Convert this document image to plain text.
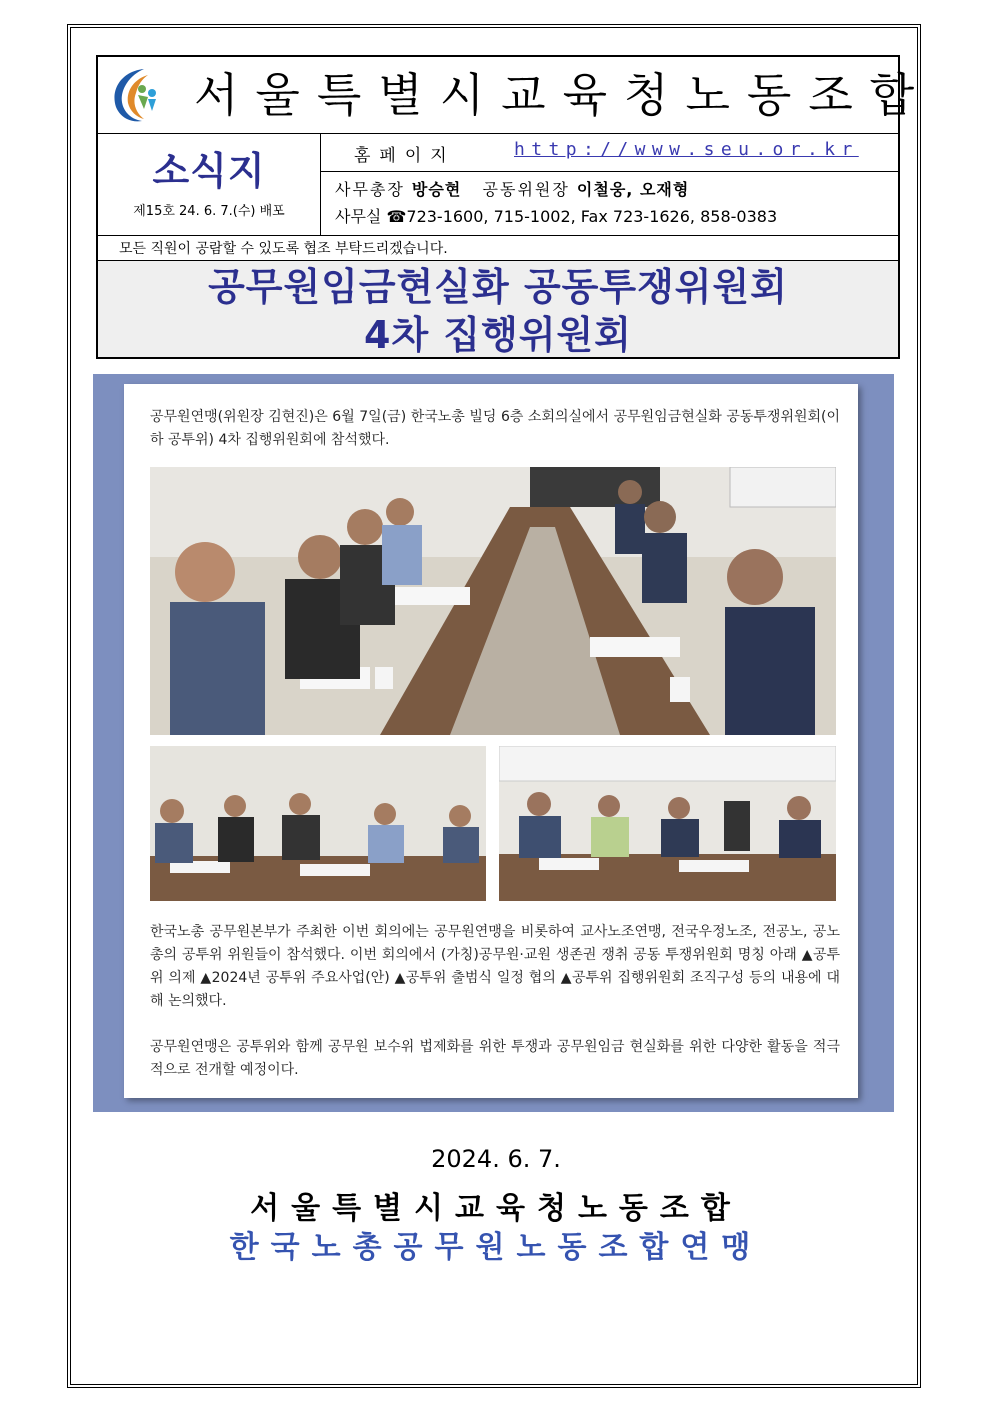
서울특별시교육청노동조합
소식지
제15호 24. 6. 7.(수) 배포
홈페이지	http://www.seu.or.kr
사무총장 방승현   공동위원장 이철웅, 오재형
사무실 ☎723-1600, 715-1002, Fax 723-1626, 858-0383
모든 직원이 공람할 수 있도록 협조 부탁드리겠습니다.
공무원임금현실화 공동투쟁위원회
4차 집행위원회
공무원연맹(위원장 김현진)은 6월 7일(금) 한국노총 빌딩 6층 소회의실에서 공무원임금현실화 공동투쟁위원회(이하 공투위) 4차 집행위원회에 참석했다.
한국노총 공무원본부가 주최한 이번 회의에는 공무원연맹을 비롯하여 교사노조연맹, 전국우정노조, 전공노, 공노총의 공투위 위원들이 참석했다. 이번 회의에서 (가칭)공무원·교원 생존권 쟁취 공동 투쟁위원회 명칭 아래 ▲공투위 의제 ▲2024년 공투위 주요사업(안) ▲공투위 출범식 일정 협의 ▲공투위 집행위원회 조직구성 등의 내용에 대해 논의했다.
공무원연맹은 공투위와 함께 공무원 보수위 법제화를 위한 투쟁과 공무원임금 현실화를 위한 다양한 활동을 적극적으로 전개할 예정이다.
2024. 6. 7.
서울특별시교육청노동조합
한국노총공무원노동조합연맹
